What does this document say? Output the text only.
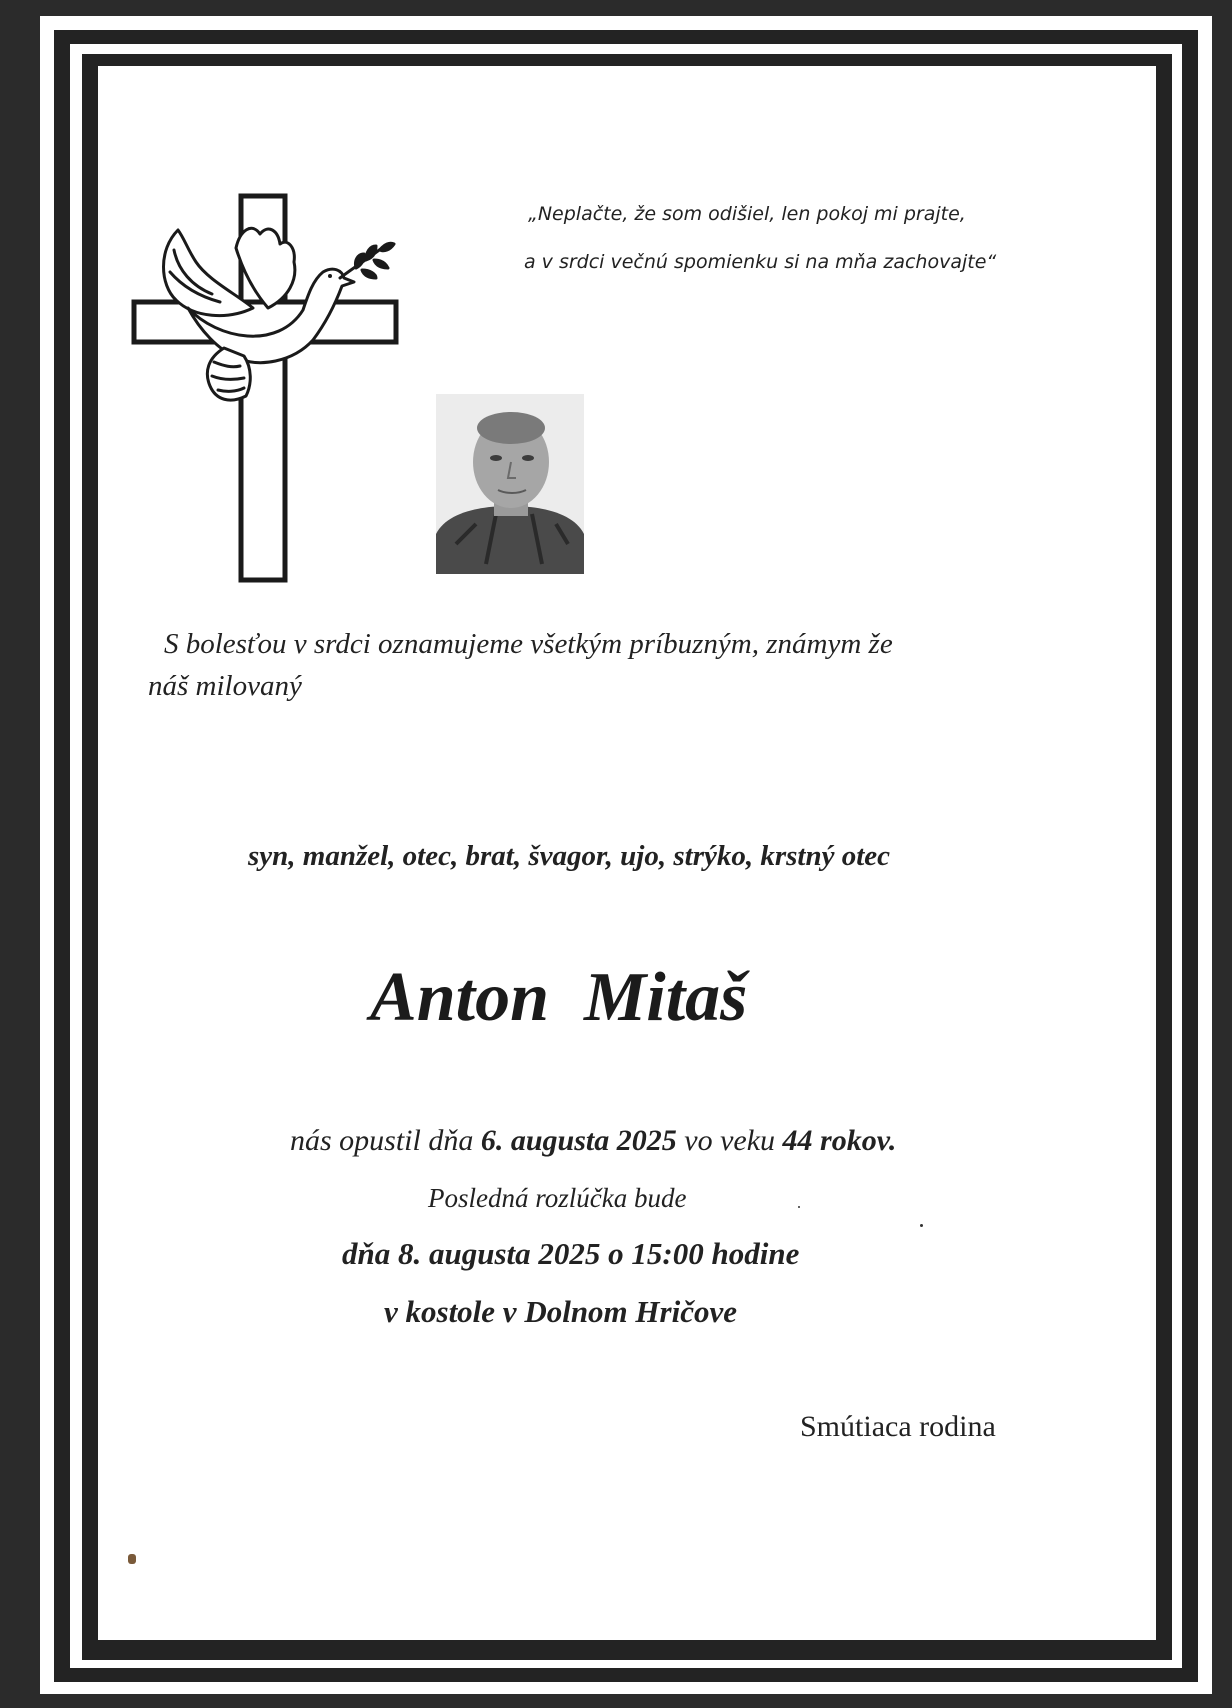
„Neplačte, že som odišiel, len pokoj mi prajte,
a v srdci večnú spomienku si na mňa zachovajte“
S bolesťou v srdci oznamujeme všetkým príbuzným, známym že
náš milovaný
syn, manžel, otec, brat, švagor, ujo, strýko, krstný otec
Anton Mitaš
nás opustil dňa 6. augusta 2025 vo veku 44 rokov.
Posledná rozlúčka bude
dňa 8. augusta 2025 o 15:00 hodine
v kostole v Dolnom Hričove
Smútiaca rodina
